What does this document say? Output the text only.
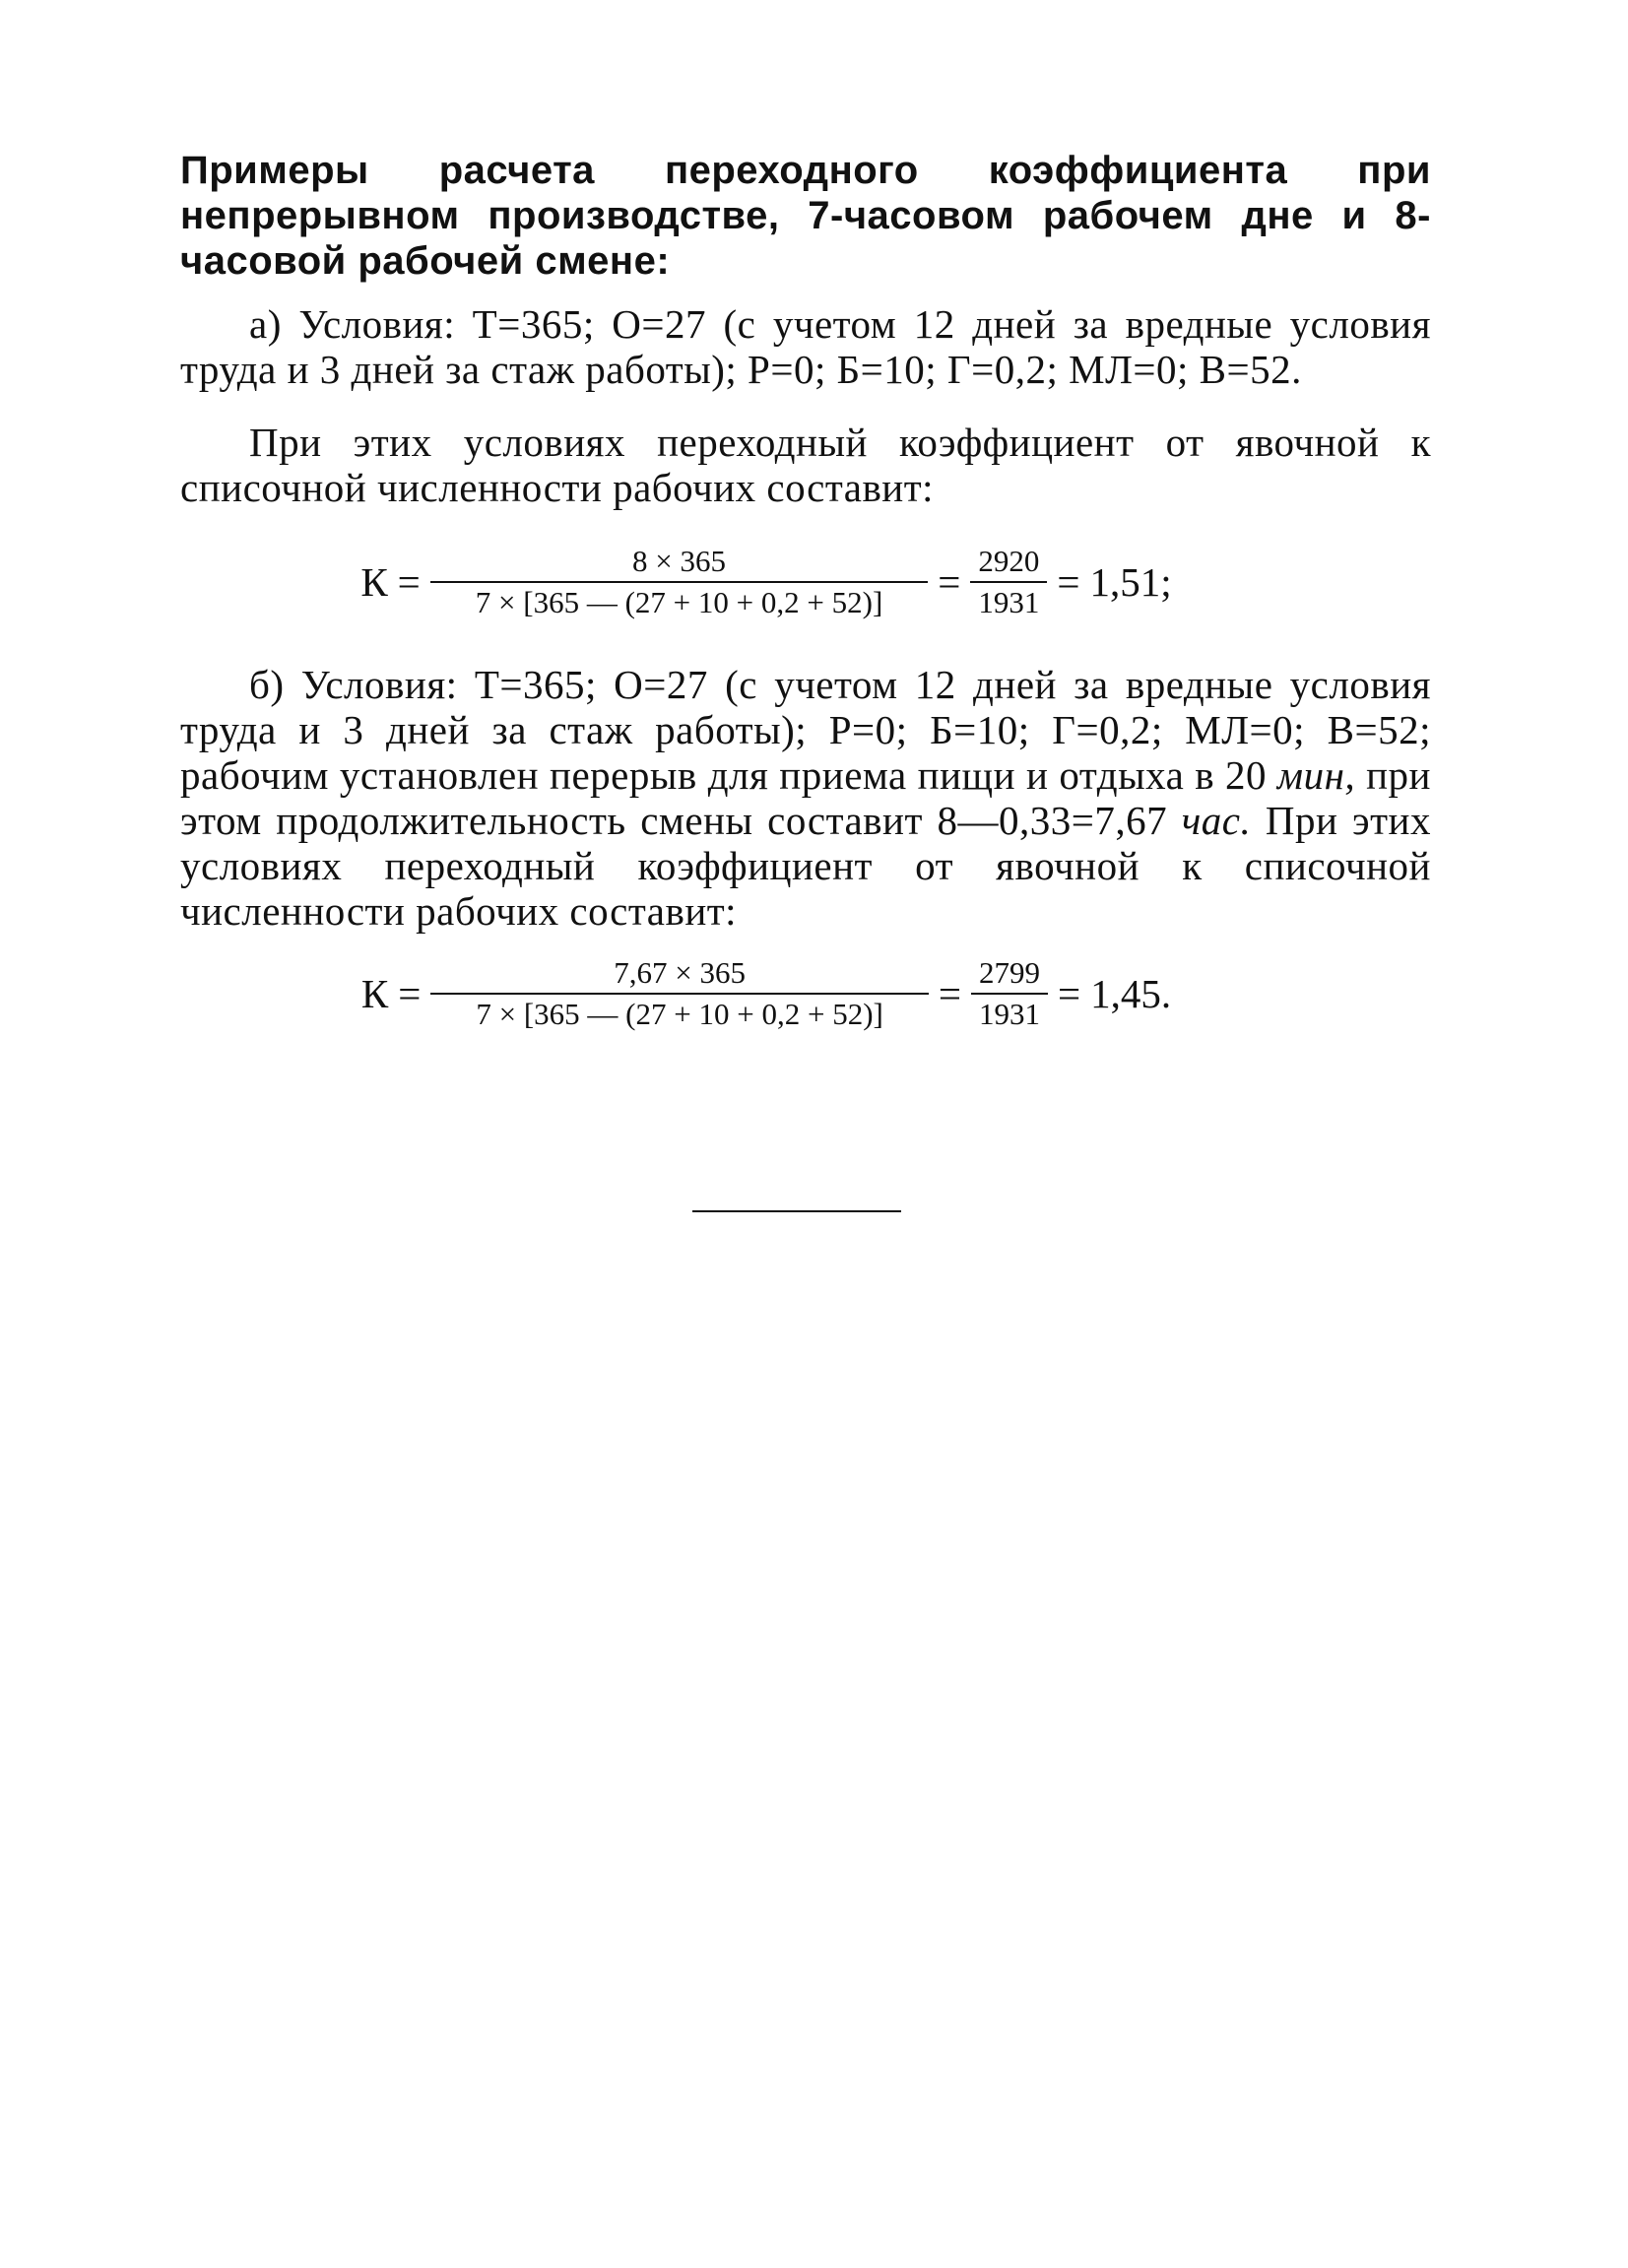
Примеры расчета переходного коэффициента при непрерывном производстве, 7-часовом рабочем дне и 8-часовой рабочей смене:

а) Условия: Т=365; О=27 (с учетом 12 дней за вредные условия труда и 3 дней за стаж работы); Р=0; Б=10; Г=0,2; МЛ=0; В=52.

При этих условиях переходный коэффициент от явочной к списочной численности рабочих составит:

$К = \frac{8 \times 365}{7 \times [365 — (27 + 10 + 0,2 + 52)]} = \frac{2920}{1931} = 1,51$;

б) Условия: Т=365; О=27 (с учетом 12 дней за вредные условия труда и 3 дней за стаж работы); Р=0; Б=10; Г=0,2; МЛ=0; В=52; рабочим установлен перерыв для приема пищи и отдыха в 20 мин, при этом продолжительность смены составит 8—0,33=7,67 час. При этих условиях переходный коэффициент от явочной к списочной численности рабочих составит:

$К = \frac{7,67 \times 365}{7 \times [365 — (27 + 10 + 0,2 + 52)]} = \frac{2799}{1931} = 1,45$.
